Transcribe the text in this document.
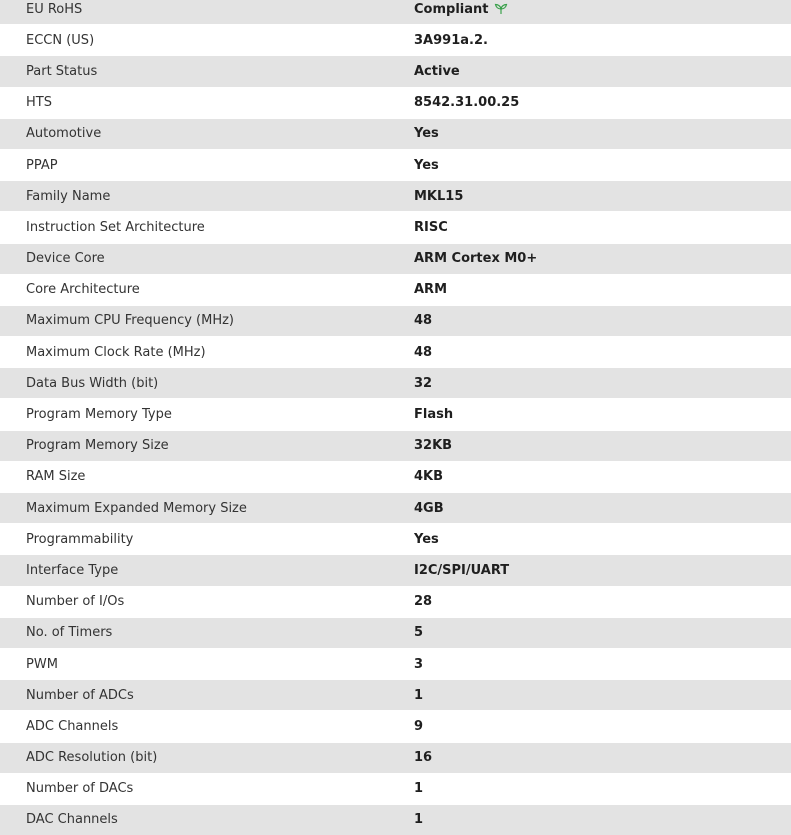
EU RoHS	Compliant
ECCN (US)	3A991a.2.
Part Status	Active
HTS	8542.31.00.25
Automotive	Yes
PPAP	Yes
Family Name	MKL15
Instruction Set Architecture	RISC
Device Core	ARM Cortex M0+
Core Architecture	ARM
Maximum CPU Frequency (MHz)	48
Maximum Clock Rate (MHz)	48
Data Bus Width (bit)	32
Program Memory Type	Flash
Program Memory Size	32KB
RAM Size	4KB
Maximum Expanded Memory Size	4GB
Programmability	Yes
Interface Type	I2C/SPI/UART
Number of I/Os	28
No. of Timers	5
PWM	3
Number of ADCs	1
ADC Channels	9
ADC Resolution (bit)	16
Number of DACs	1
DAC Channels	1
